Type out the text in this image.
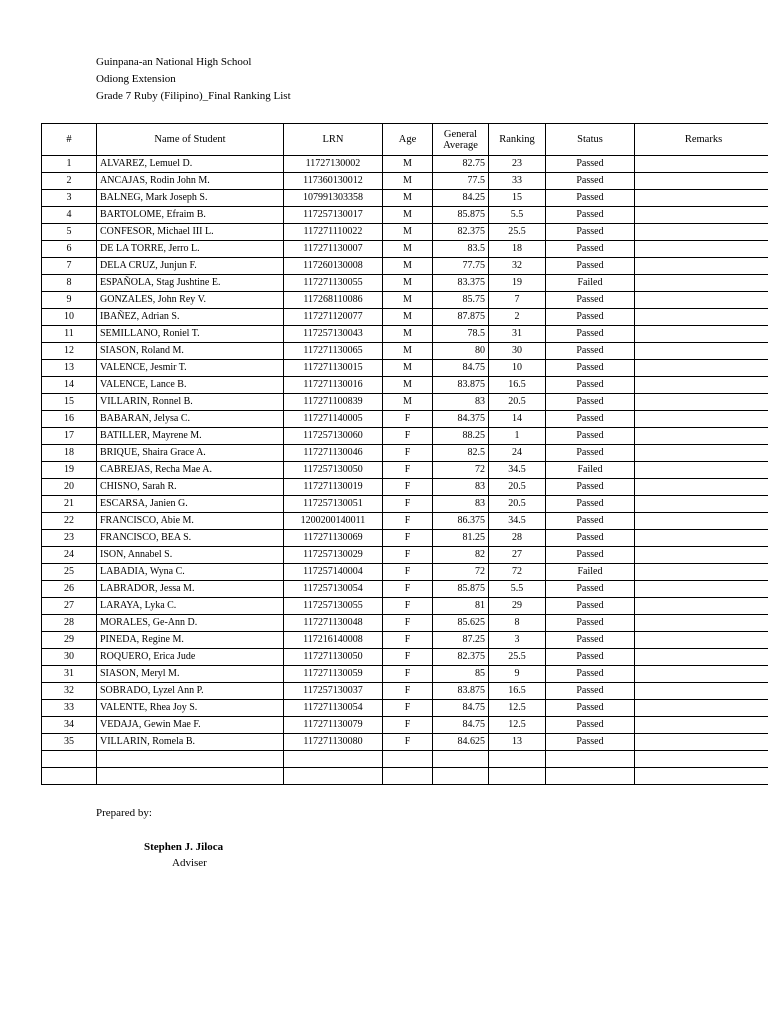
Guinpana-an National High School
Odiong Extension
Grade 7 Ruby (Filipino)_Final Ranking List
#	Name of Student	LRN	Age	General Average	Ranking	Status	Remarks
1	ALVAREZ, Lemuel D.	11727130002	M	82.75	23	Passed	
2	ANCAJAS, Rodin John M.	117360130012	M	77.5	33	Passed	
3	BALNEG, Mark Joseph S.	107991303358	M	84.25	15	Passed	
4	BARTOLOME, Efraim B.	117257130017	M	85.875	5.5	Passed	
5	CONFESOR, Michael III L.	117271110022	M	82.375	25.5	Passed	
6	DE LA TORRE, Jerro L.	117271130007	M	83.5	18	Passed	
7	DELA CRUZ, Junjun F.	117260130008	M	77.75	32	Passed	
8	ESPAÑOLA, Stag Jushtine E.	117271130055	M	83.375	19	Failed	
9	GONZALES, John Rey V.	117268110086	M	85.75	7	Passed	
10	IBAÑEZ, Adrian S.	117271120077	M	87.875	2	Passed	
11	SEMILLANO, Roniel T.	117257130043	M	78.5	31	Passed	
12	SIASON, Roland M.	117271130065	M	80	30	Passed	
13	VALENCE, Jesmir T.	117271130015	M	84.75	10	Passed	
14	VALENCE, Lance B.	117271130016	M	83.875	16.5	Passed	
15	VILLARIN, Ronnel B.	117271100839	M	83	20.5	Passed	
16	BABARAN, Jelysa C.	117271140005	F	84.375	14	Passed	
17	BATILLER, Mayrene M.	117257130060	F	88.25	1	Passed	
18	BRIQUE, Shaira Grace A.	117271130046	F	82.5	24	Passed	
19	CABREJAS, Recha Mae A.	117257130050	F	72	34.5	Failed	
20	CHISNO, Sarah R.	117271130019	F	83	20.5	Passed	
21	ESCARSA, Janien G.	117257130051	F	83	20.5	Passed	
22	FRANCISCO, Abie M.	1200200140011	F	86.375	34.5	Passed	
23	FRANCISCO, BEA S.	117271130069	F	81.25	28	Passed	
24	ISON, Annabel S.	117257130029	F	82	27	Passed	
25	LABADIA, Wyna C.	117257140004	F	72	72	Failed	
26	LABRADOR, Jessa M.	117257130054	F	85.875	5.5	Passed	
27	LARAYA, Lyka C.	117257130055	F	81	29	Passed	
28	MORALES, Ge-Ann D.	117271130048	F	85.625	8	Passed	
29	PINEDA, Regine M.	117216140008	F	87.25	3	Passed	
30	ROQUERO, Erica Jude	117271130050	F	82.375	25.5	Passed	
31	SIASON, Meryl M.	117271130059	F	85	9	Passed	
32	SOBRADO, Lyzel Ann P.	117257130037	F	83.875	16.5	Passed	
33	VALENTE, Rhea Joy S.	117271130054	F	84.75	12.5	Passed	
34	VEDAJA, Gewin Mae F.	117271130079	F	84.75	12.5	Passed	
35	VILLARIN, Romela B.	117271130080	F	84.625	13	Passed	

Prepared by:
Stephen J. Jiloca
Adviser
